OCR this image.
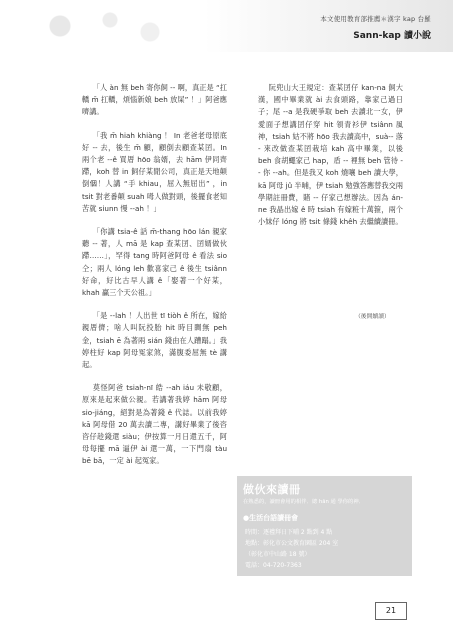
本文使用教育部推薦＊漢字 kap 台羅
Sann-kap 讀小說

「人 àn 無 beh 寄你飼 -- 啊，真正是 “扛轎 m̄ 扛轎，煩惱新娘 beh 放屎” ！」阿爸應嚌講。

「我 m̄ hiah khiàng ！ In 老爸老母原底好 -- 去，後生 m̄ 顧，顧倒去顧查某囝。In 兩个老 --ê 買厝 hōo 翁婿，去 hām 伊同齊蹛，koh 替 in 飼仔某閒公司，真正是天地顛倒𪜶！人講 “手 khiau，屈入無屈出” ，in tsit 對老番顛 suah 呣人做對頭，後擺食老知苦就 siunn 慢 --ah ！」

「你講 tsia-ê 話 m̄-thang hōo lán 親家聽 -- 著，人 mā 是 kap 查某囝、囝婿做伙蹛……」，罕得 tang 時阿爸阿母 ê 看法 sio 仝；兩人 lóng leh 歡喜家己 ê 後生 tsiânn 好命，好比古早人講 ê「娶著一个好某，khah 贏三个天公祖。」

「是 --lah ！人出世 tī tiòh ê 所在，嫁給親厝儕；啥人叫阮投胎 hit 時目睭無 peh 金，tsiah ē 為著兩 sián 錢由在人蹧蹋。」我婷柱好 kap 阿母冤家煞，滿腹委屈無 tè 講起。

莫怪阿爸 tsiah-nī 皓 --ah iáu 未敬顧，原來是起來做公親。若講著我婷 hām 阿母 sio-jiáng，絕對是為著錢 ê 代誌。以前我婷 kā 阿母借 20 萬去讀二專，講好畢業了後咨咨仔趁錢還 siàu；伊按算一月日還五千，阿母每擺 mā 逼伊 ài 還一萬，一下門扇 tàu bē bā，一定 ài 起冤家。

阮兜山大王規定：查某囝仔 kan-na 飼大漢，國中畢業就 ài 去食頭路，靠家己過日子；尾 --a 是我硬爭取 beh 去讀北一女，伊愛面子想講囝仔穿 hit 領青衫伊 tsiânn 風神，tsiah 姑不將 hōo 我去讀高中，suà-- 落 - 來改做查某囝栽培 kah 高中畢業，以後 beh 食胡蠅家己 hap，盾 -- 裡無 beh 管待 -- 你 --ah。但是我又 koh 燒嚷 beh 讀大學，kā 阿母 jû 半晡，伊 tsiah 勉強答應替我交兩學期註冊費，賭 -- 仔家己想辦法。因為 án-ne 我晶出嫁 ê 時 tsiah 有嫁粧十萬箍，兩个小妹仔 lóng 將 tsit 條錢 khêh 去繼續讀冊。

（後開續讀）
做伙來讀冊
在熟悉的，讀冊會用的相伴．總 hān 通 學你的神．
●生活台語讀冊會
時間：逐禮拜日下晡 2 點到 4 點
地點：彰化市公文教育園區 204 室
（彰化市中山路 18 號）
電話：04-720-7363
21
